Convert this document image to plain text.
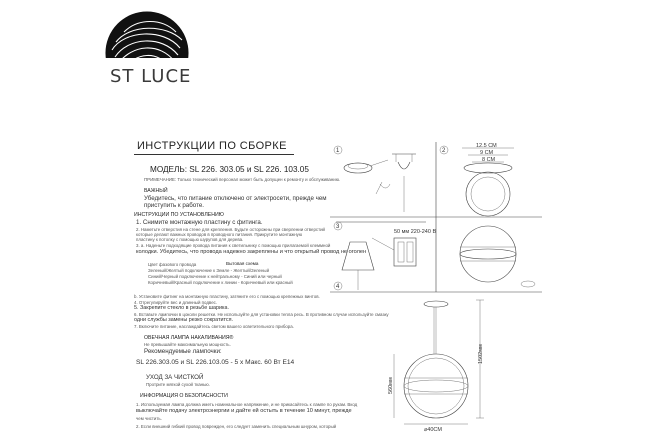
ST LUCE
ИНСТРУКЦИИ ПО СБОРКЕ
МОДЕЛЬ: SL 226. 303.05 и SL 226. 103.05
ПРИМЕЧАНИЕ: Только технический персонал может быть допущен к ремонту и обслуживанию.
ВАЖНЫЙ
Убедитесь, что питание отключено от электросети, прежде чем
приступить к работе.
ИНСТРУКЦИИ ПО УСТАНОВЛЕНИЮ
1. Снимите монтажную пластину с фитинга.
2. Наметьте отверстия на стене для крепления. Будьте осторожны при сверлении отверстий
которые делают важных проводов в проводного питания. Прикрутите монтажную
пластину к потолку с помощью шурупов для дерева.
3. а. Наденьте подходящие провода питания к светильнику с помощью прилагаемой клеммной
колодки. Убедитесь, что провода надежно закреплены и что открытый провод не оголен
Цвет фазового провода	Вытовая схема
Зеленый/Желтый подключение к Земле - Желтый/Зеленый
Синий/Черный подключение к нейтральному - Синий или черный
Коричневый/Красный подключение к линии - Коричневый или красный
b. Установите фитинг на монтажную пластину, затяните его с помощью крепежных винтов.
4. Отрегулируйте вес и длинный подвес.
5. Закрепите стекло в резьбе шарика.
6. Вставьте лампочки в цоколи решетки. Не используйте для установки тепла ресь. В противном случае используйте смазку
одни службы замены резко сократится.
7. Включите питание, наслаждайтесь светом вашего осветительного прибора.
ОВЕЧНАЯ ЛАМПА НАКАЛИВАНИЯ®
Не превышайте максимальную мощность.
Рекомендуемые лампочки:
SL 226.303.05 и SL 226.103.05 - 5 х Макс. 60 Вт Е14
УХОД ЗА ЧИСТКОЙ
Протрите мягкой сухой тканью.
ИНФОРМАЦИЯ О БЕЗОПАСНОСТИ
1. Используемая лампа должна иметь номинальное напряжение, и не прикасайтесь к лампе по рукам. Вкод
выключайте подачу электроэнергии и дайте ей остыть в течение 10 минут, прежде
чем чистить.
2. Если внешний гибкий провод поврежден, его следует заменить специальным шнуром, который
1	2
3
4
12.5 СМ
9 СМ
8 СМ
50 мм 220-240 В
1502мм
560мм
⌀40СМ
